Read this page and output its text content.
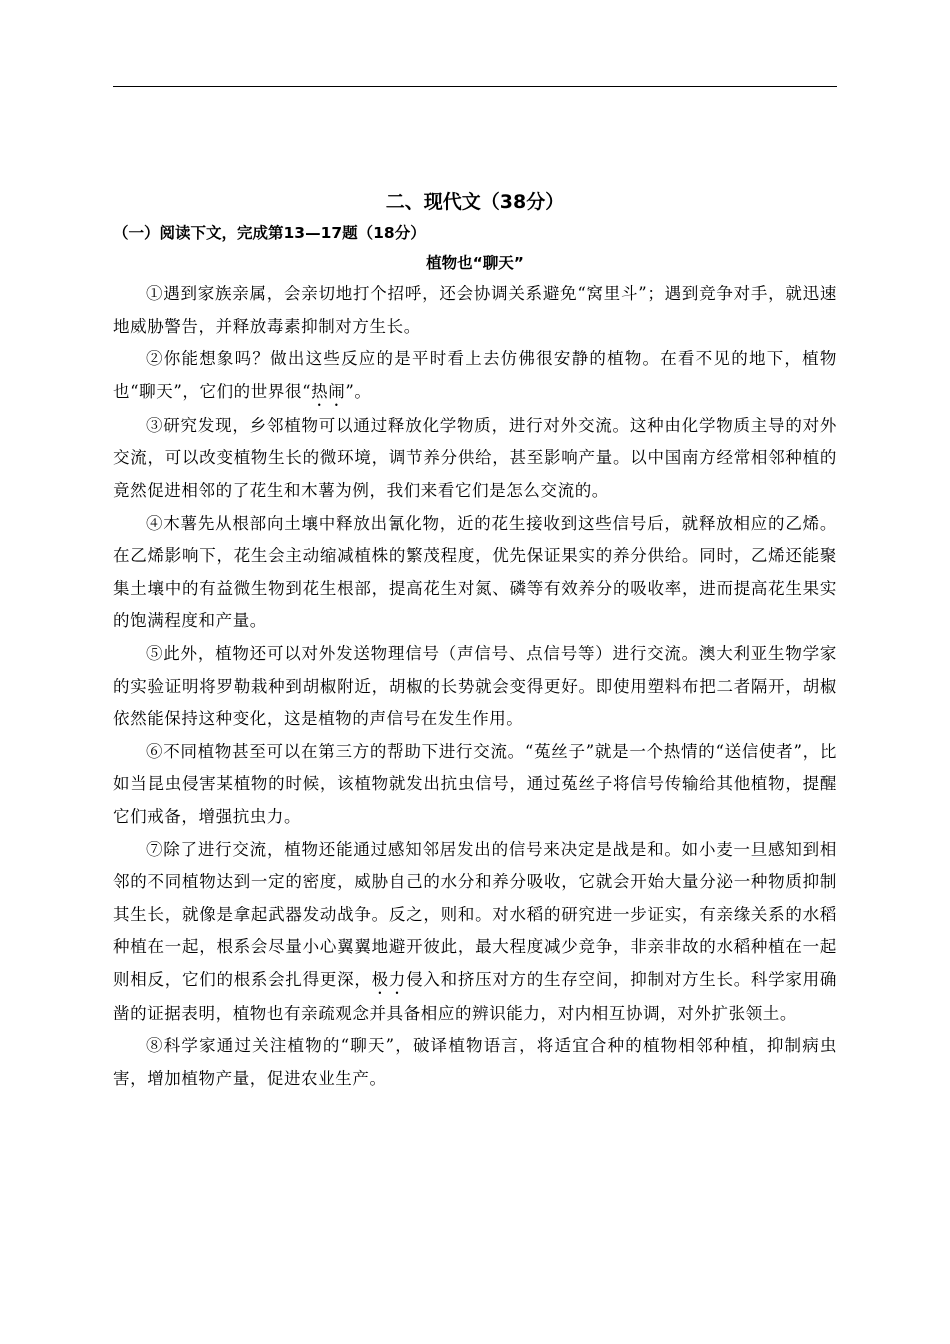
二、现代文（38分）

（一）阅读下文，完成第13—17题（18分）

植物也“聊天”

①遇到家族亲属，会亲切地打个招呼，还会协调关系避免“窝里斗”；遇到竞争对手，就迅速地威胁警告，并释放毒素抑制对方生长。

②你能想象吗？做出这些反应的是平时看上去仿佛很安静的植物。在看不见的地下，植物也“聊天”，它们的世界很“热闹”。

③研究发现，乡邻植物可以通过释放化学物质，进行对外交流。这种由化学物质主导的对外交流，可以改变植物生长的微环境，调节养分供给，甚至影响产量。以中国南方经常相邻种植的竟然促进相邻的了花生和木薯为例，我们来看它们是怎么交流的。

④木薯先从根部向土壤中释放出氰化物，近的花生接收到这些信号后，就释放相应的乙烯。在乙烯影响下，花生会主动缩减植株的繁茂程度，优先保证果实的养分供给。同时，乙烯还能聚集土壤中的有益微生物到花生根部，提高花生对氮、磷等有效养分的吸收率，进而提高花生果实的饱满程度和产量。

⑤此外，植物还可以对外发送物理信号（声信号、点信号等）进行交流。澳大利亚生物学家的实验证明将罗勒栽种到胡椒附近，胡椒的长势就会变得更好。即使用塑料布把二者隔开，胡椒依然能保持这种变化，这是植物的声信号在发生作用。

⑥不同植物甚至可以在第三方的帮助下进行交流。“菟丝子”就是一个热情的“送信使者”，比如当昆虫侵害某植物的时候，该植物就发出抗虫信号，通过菟丝子将信号传输给其他植物，提醒它们戒备，增强抗虫力。

⑦除了进行交流，植物还能通过感知邻居发出的信号来决定是战是和。如小麦一旦感知到相邻的不同植物达到一定的密度，威胁自己的水分和养分吸收，它就会开始大量分泌一种物质抑制其生长，就像是拿起武器发动战争。反之，则和。对水稻的研究进一步证实，有亲缘关系的水稻种植在一起，根系会尽量小心翼翼地避开彼此，最大程度减少竞争，非亲非故的水稻种植在一起则相反，它们的根系会扎得更深，极力侵入和挤压对方的生存空间，抑制对方生长。科学家用确凿的证据表明，植物也有亲疏观念并具备相应的辨识能力，对内相互协调，对外扩张领土。

⑧科学家通过关注植物的“聊天”，破译植物语言，将适宜合种的植物相邻种植，抑制病虫害，增加植物产量，促进农业生产。
